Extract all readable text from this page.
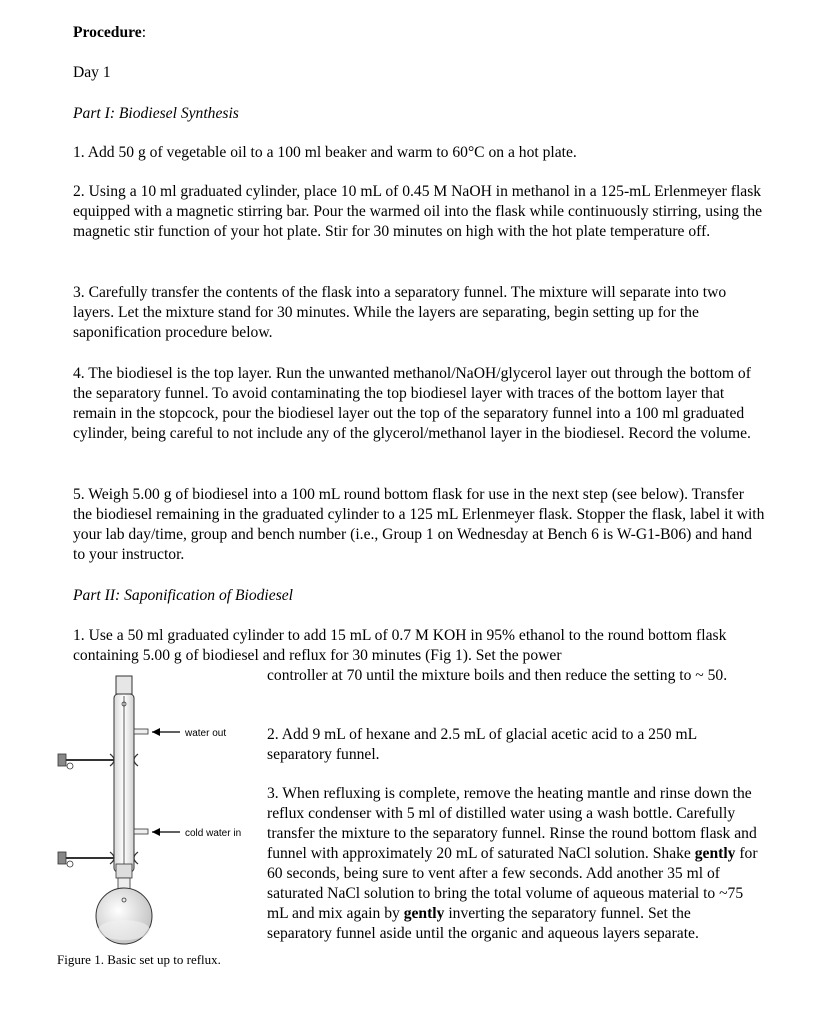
Procedure:

Day 1

Part I: Biodiesel Synthesis

1. Add 50 g of vegetable oil to a 100 ml beaker and warm to 60°C on a hot plate.

2. Using a 10 ml graduated cylinder, place 10 mL of 0.45 M NaOH in methanol in a 125-mL Erlenmeyer flask equipped with a magnetic stirring bar. Pour the warmed oil into the flask while continuously stirring, using the magnetic stir function of your hot plate. Stir for 30 minutes on high with the hot plate temperature off.

3. Carefully transfer the contents of the flask into a separatory funnel. The mixture will separate into two layers. Let the mixture stand for 30 minutes. While the layers are separating, begin setting up for the saponification procedure below.

4. The biodiesel is the top layer. Run the unwanted methanol/NaOH/glycerol layer out through the bottom of the separatory funnel. To avoid contaminating the top biodiesel layer with traces of the bottom layer that remain in the stopcock, pour the biodiesel layer out the top of the separatory funnel into a 100 ml graduated cylinder, being careful to not include any of the glycerol/methanol layer in the biodiesel. Record the volume.

5. Weigh 5.00 g of biodiesel into a 100 mL round bottom flask for use in the next step (see below). Transfer the biodiesel remaining in the graduated cylinder to a 125 mL Erlenmeyer flask. Stopper the flask, label it with your lab day/time, group and bench number (i.e., Group 1 on Wednesday at Bench 6 is W-G1-B06) and hand to your instructor.

Part II: Saponification of Biodiesel

1. Use a 50 ml graduated cylinder to add 15 mL of 0.7 M KOH in 95% ethanol to the round bottom flask containing 5.00 g of biodiesel and reflux for 30 minutes (Fig 1). Set the power

controller at 70 until the mixture boils and then reduce the setting to ~ 50.

2. Add 9 mL of hexane and 2.5 mL of glacial acetic acid to a 250 mL separatory funnel.

3. When refluxing is complete, remove the heating mantle and rinse down the reflux condenser with 5 ml of distilled water using a wash bottle. Carefully transfer the mixture to the separatory funnel. Rinse the round bottom flask and funnel with approximately 20 mL of saturated NaCl solution. Shake gently for 60 seconds, being sure to vent after a few seconds. Add another 35 ml of saturated NaCl solution to bring the total volume of aqueous material to ~75 mL and mix again by gently inverting the separatory funnel. Set the separatory funnel aside until the organic and aqueous layers separate.

water out
cold water in
Figure 1. Basic set up to reflux.
